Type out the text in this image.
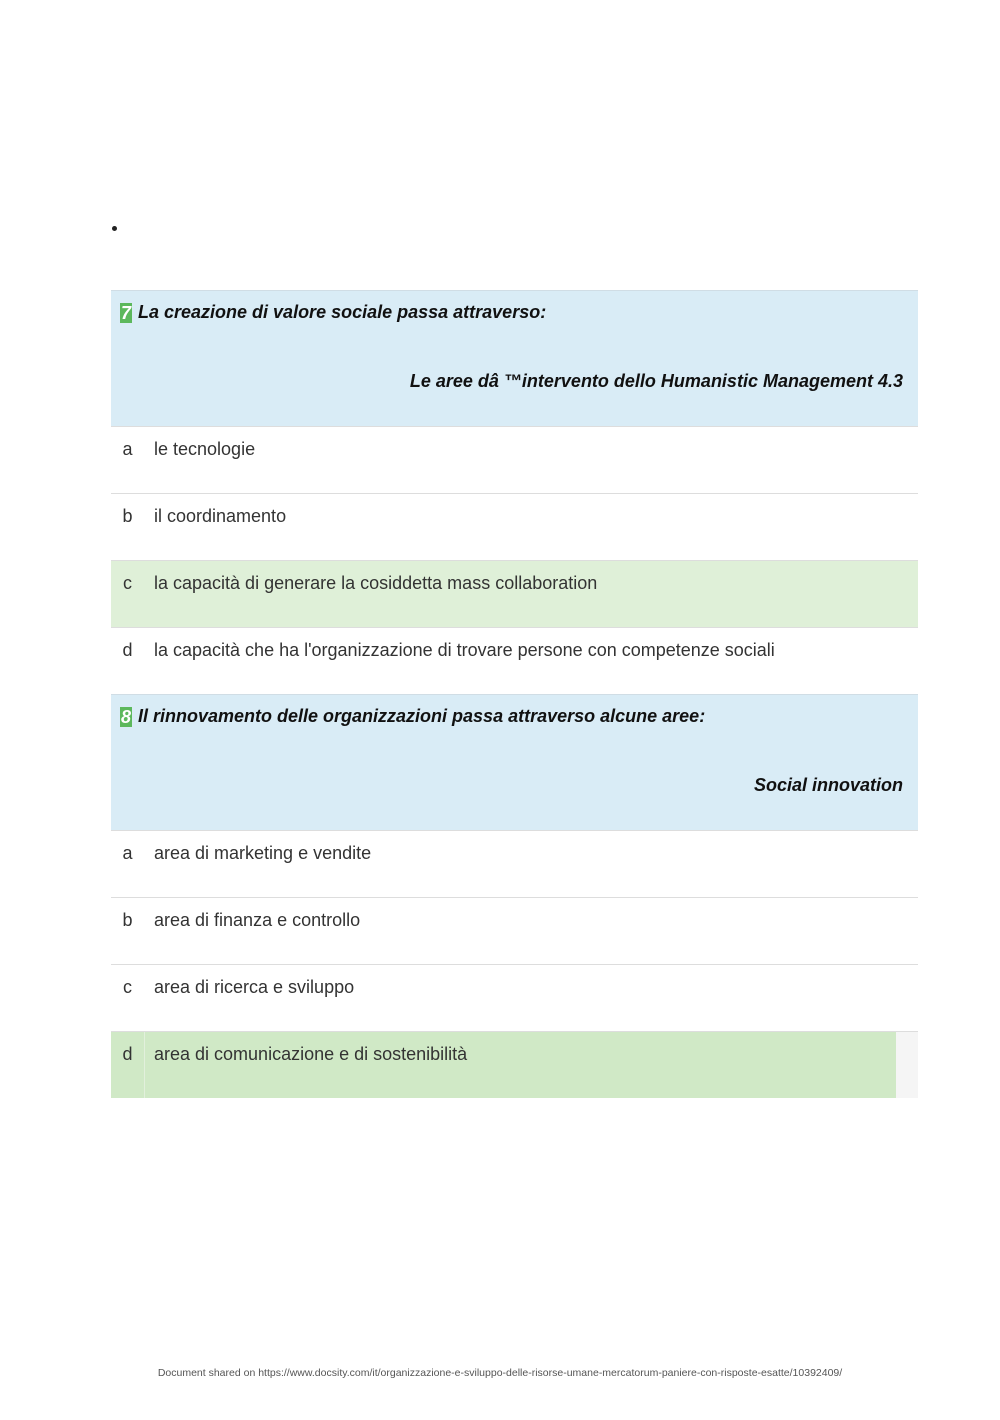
7 La creazione di valore sociale passa attraverso:
Le aree dâ ™intervento dello Humanistic Management 4.3
a	le tecnologie
b	il coordinamento
c	la capacità di generare la cosiddetta mass collaboration
d	la capacità che ha l'organizzazione di trovare persone con competenze sociali
8 Il rinnovamento delle organizzazioni passa attraverso alcune aree:
Social innovation
a	area di marketing e vendite
b	area di finanza e controllo
c	area di ricerca e sviluppo
d	area di comunicazione e di sostenibilità
Document shared on https://www.docsity.com/it/organizzazione-e-sviluppo-delle-risorse-umane-mercatorum-paniere-con-risposte-esatte/10392409/
